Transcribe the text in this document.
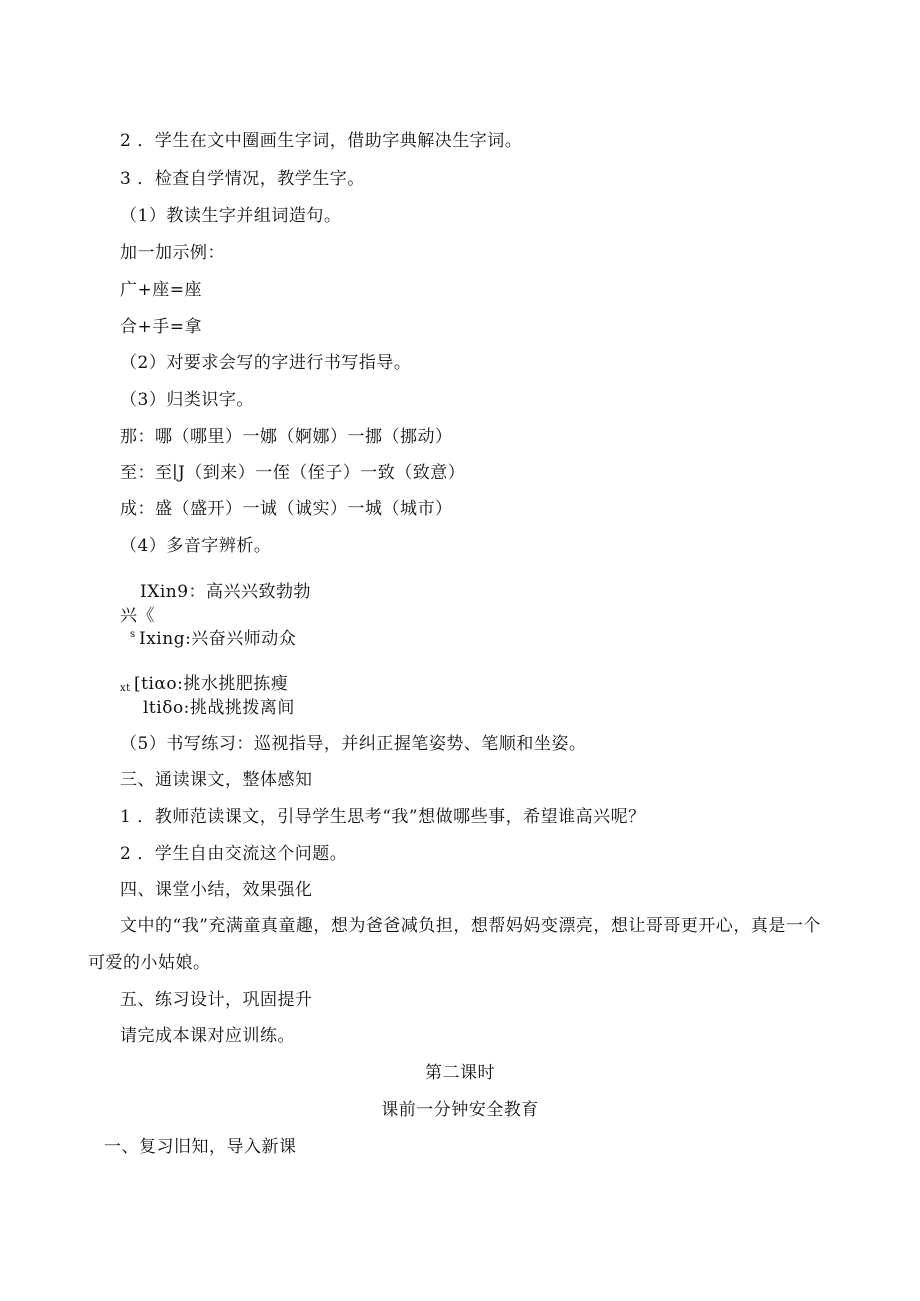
2 ．学生在文中圈画生字词，借助字典解决生字词。
3 ．检查自学情况，教学生字。
（1）教读生字并组词造句。
加一加示例：
广+座=座
合+手=拿
（2）对要求会写的字进行书写指导。
（3）归类识字。
那：哪（哪里）一娜（婀娜）一挪（挪动）
至：至∣J（到来）一侄（侄子）一致（致意）
成：盛（盛开）一诚（诚实）一城（城市）
（4）多音字辨析。
IXin9：高兴兴致勃勃
兴《
s Ixing:兴奋兴师动众
xt [tiαo:挑水挑肥拣瘦
ltiδo:挑战挑拨离间
（5）书写练习：巡视指导，并纠正握笔姿势、笔顺和坐姿。
三、通读课文，整体感知
1 ．教师范读课文，引导学生思考“我”想做哪些事，希望谁高兴呢？
2 ．学生自由交流这个问题。
四、课堂小结，效果强化
文中的“我”充满童真童趣，想为爸爸减负担，想帮妈妈变漂亮，想让哥哥更开心，真是一个可爱的小姑娘。
五、练习设计，巩固提升
请完成本课对应训练。
第二课时
课前一分钟安全教育
一、复习旧知，导入新课
